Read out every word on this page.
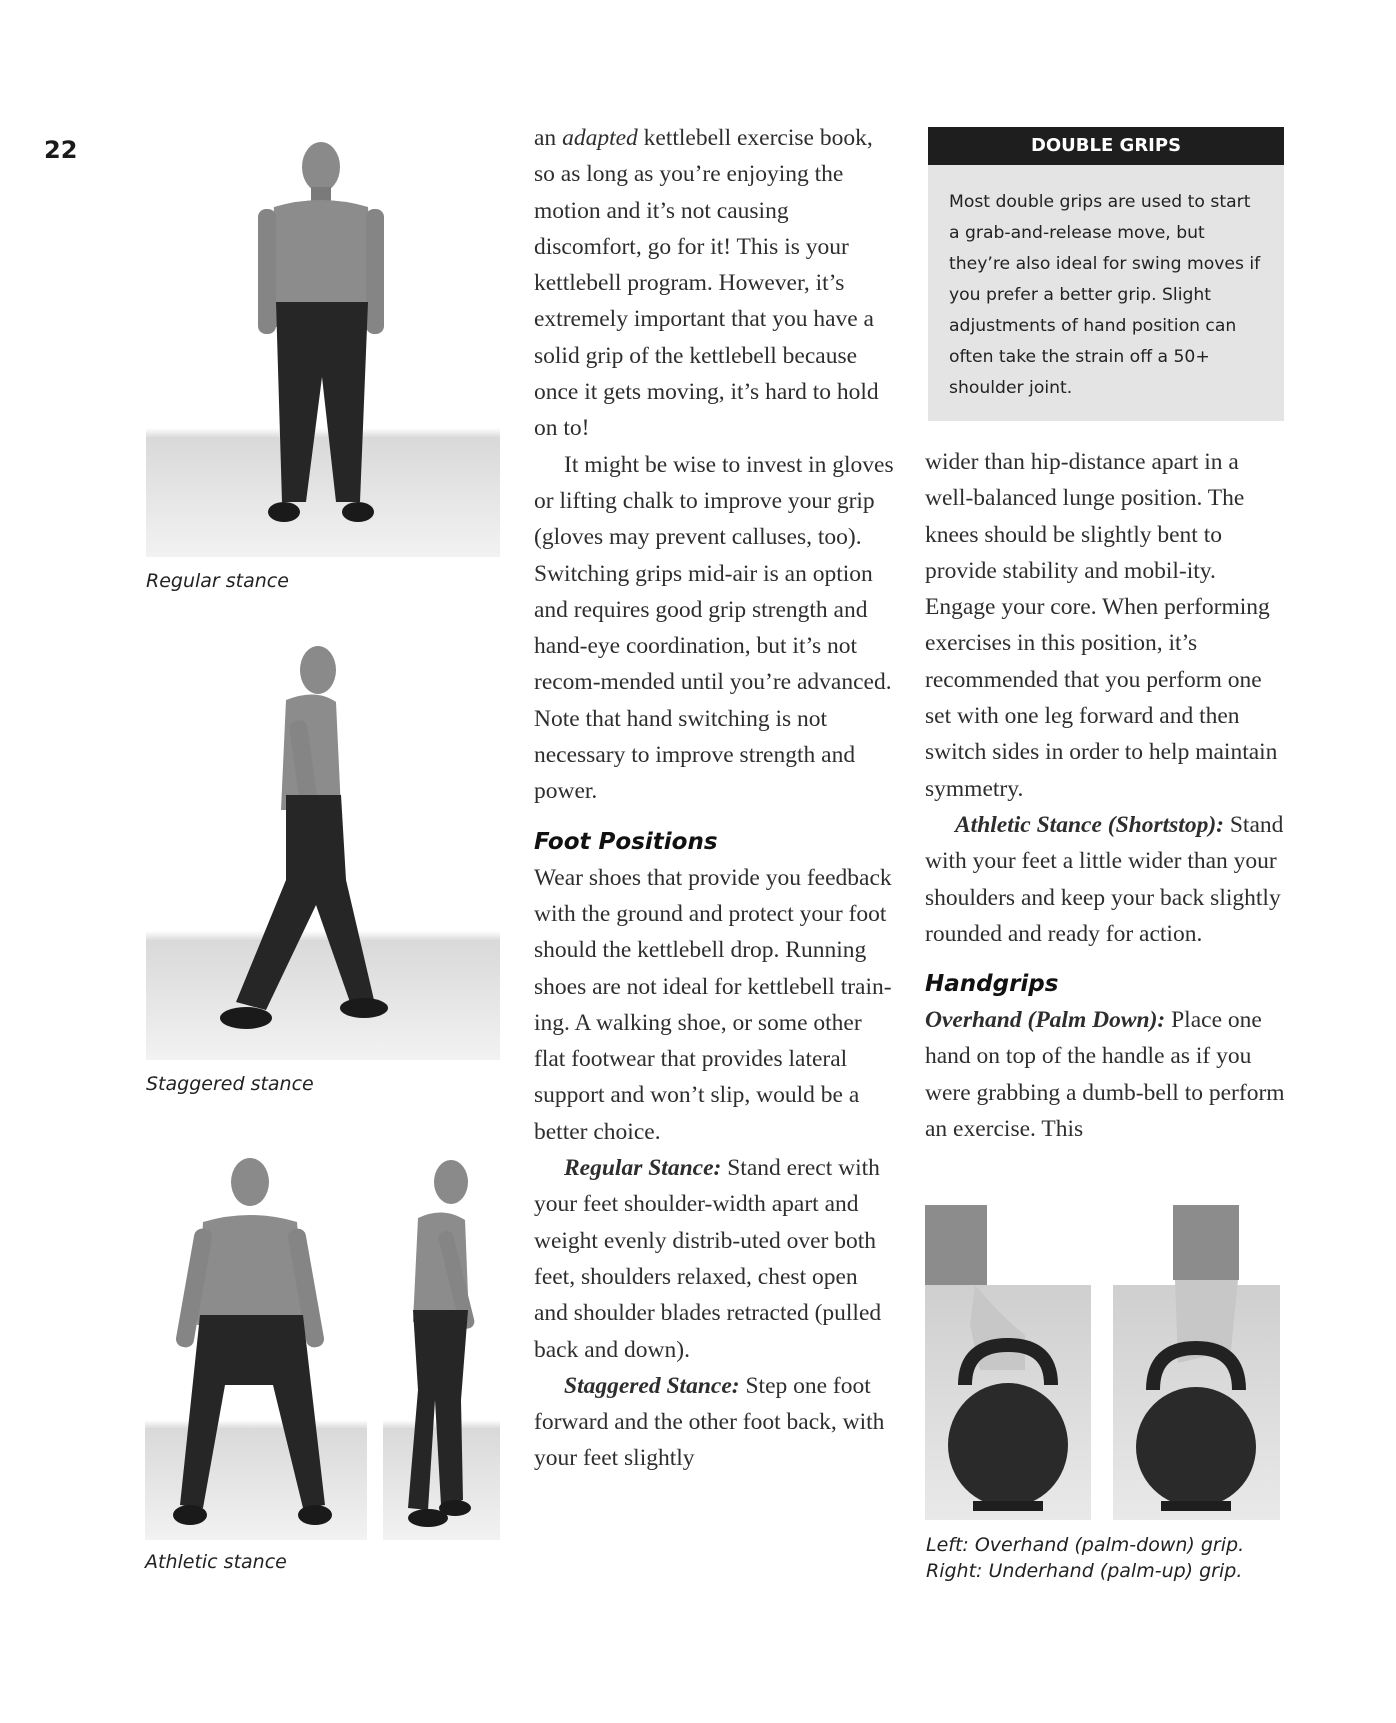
22
Regular stance
Staggered stance
Athletic stance

an adapted kettlebell exercise book, so as long as you’re enjoying the motion and it’s not causing discomfort, go for it! This is your kettlebell program. However, it’s extremely important that you have a solid grip of the kettlebell because once it gets moving, it’s hard to hold on to!

It might be wise to invest in gloves or lifting chalk to improve your grip (gloves may prevent calluses, too). Switching grips mid-air is an option and requires good grip strength and hand-eye coordination, but it’s not recom-mended until you’re advanced. Note that hand switching is not necessary to improve strength and power.

Foot Positions

Wear shoes that provide you feedback with the ground and protect your foot should the kettlebell drop. Running shoes are not ideal for kettlebell train-ing. A walking shoe, or some other flat footwear that provides lateral support and won’t slip, would be a better choice.

Regular Stance: Stand erect with your feet shoulder-width apart and weight evenly distrib-uted over both feet, shoulders relaxed, chest open and shoulder blades retracted (pulled back and down).

Staggered Stance: Step one foot forward and the other foot back, with your feet slightly

DOUBLE GRIPS
Most double grips are used to start a grab-and-release move, but they’re also ideal for swing moves if you prefer a better grip. Slight adjustments of hand position can often take the strain off a 50+ shoulder joint.

wider than hip-distance apart in a well-balanced lunge position. The knees should be slightly bent to provide stability and mobil-ity. Engage your core. When performing exercises in this position, it’s recommended that you perform one set with one leg forward and then switch sides in order to help maintain symmetry.

Athletic Stance (Shortstop): Stand with your feet a little wider than your shoulders and keep your back slightly rounded and ready for action.

Handgrips

Overhand (Palm Down): Place one hand on top of the handle as if you were grabbing a dumb-bell to perform an exercise. This

Left: Overhand (palm-down) grip.
Right: Underhand (palm-up) grip.
